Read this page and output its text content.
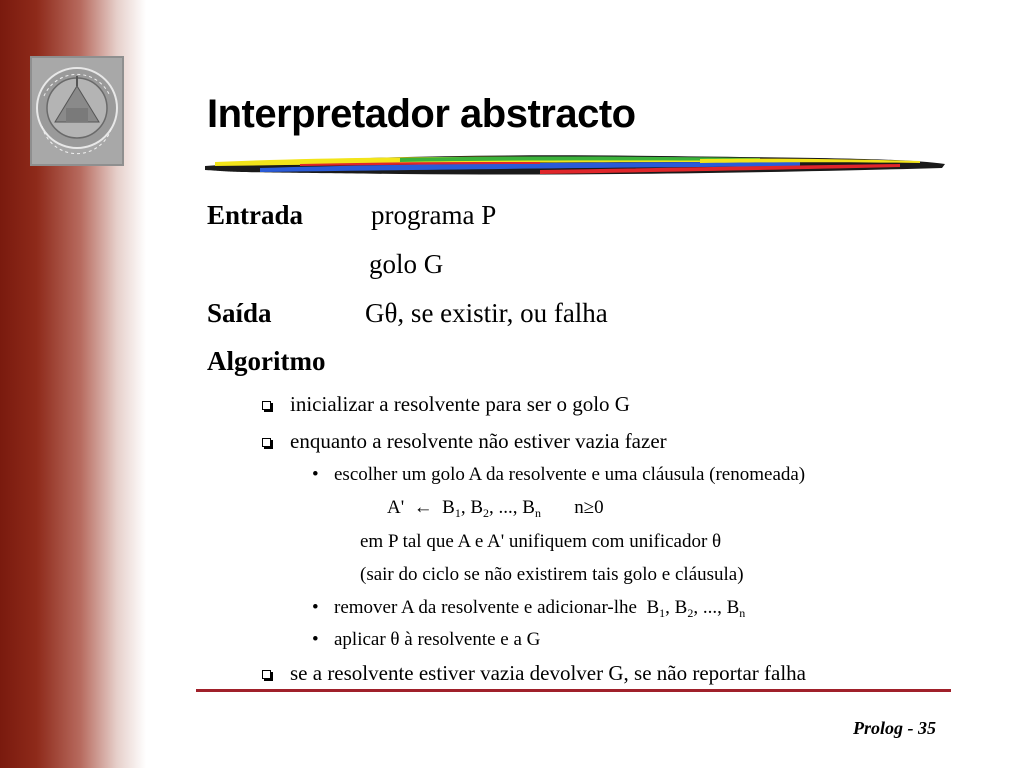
Interpretador abstracto
Entrada	programa P
golo G
Saída	Gθ, se existir, ou falha
Algoritmo
inicializar a resolvente para ser o golo G
enquanto a resolvente não estiver vazia fazer
• escolher um golo A da resolvente e uma cláusula (renomeada)
A' ← $B_1$, $B_2$, ..., $B_n$ n≥0
em P tal que A e A' unifiquem com unificador θ
(sair do ciclo se não existirem tais golo e cláusula)
• remover A da resolvente e adicionar-lhe $B_1$, $B_2$, ..., $B_n$
• aplicar θ à resolvente e a G
se a resolvente estiver vazia devolver G, se não reportar falha
Prolog - 35
